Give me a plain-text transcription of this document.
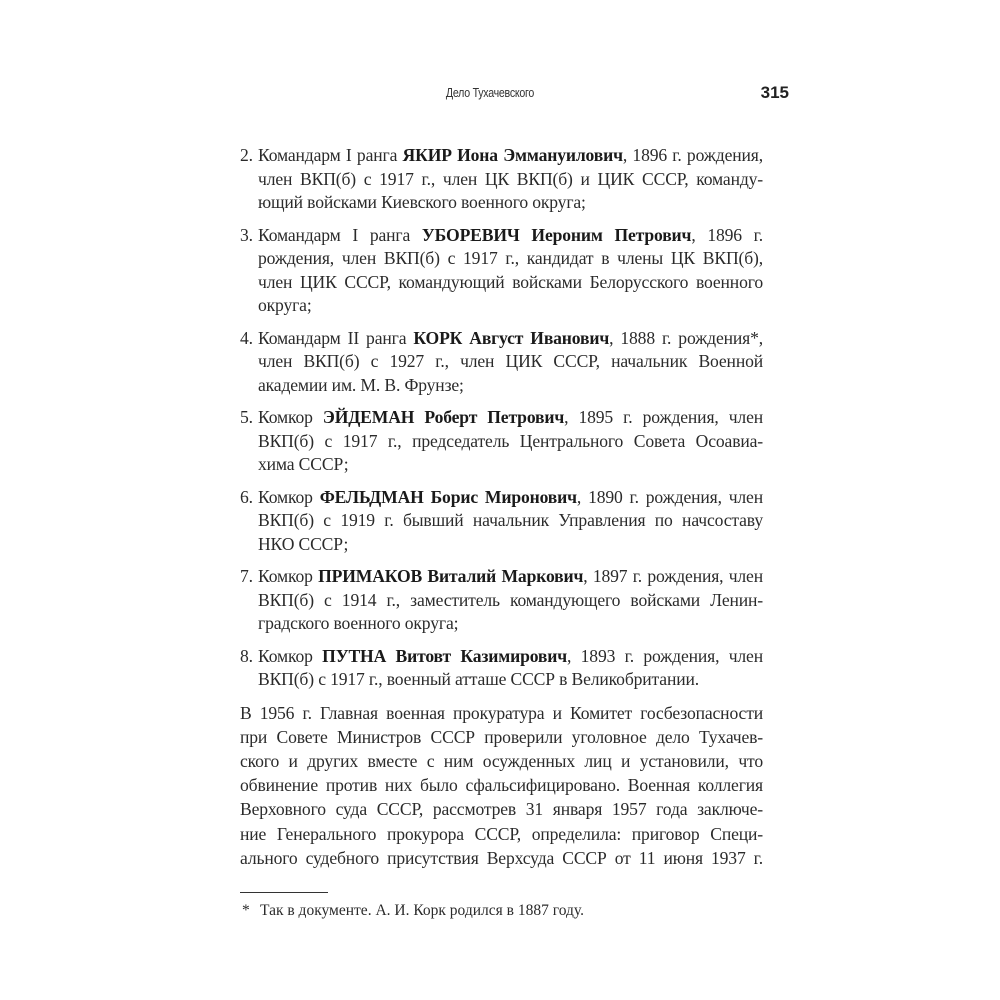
Дело Тухачевского	315
2. Командарм I ранга ЯКИР Иона Эммануилович, 1896 г. рождения,
член ВКП(б) с 1917 г., член ЦК ВКП(б) и ЦИК СССР, команду-
ющий войсками Киевского военного округа;
3. Командарм I ранга УБОРЕВИЧ Иероним Петрович, 1896 г.
рождения, член ВКП(б) с 1917 г., кандидат в члены ЦК ВКП(б),
член ЦИК СССР, командующий войсками Белорусского военного
округа;
4. Командарм II ранга КОРК Август Иванович, 1888 г. рождения*,
член ВКП(б) с 1927 г., член ЦИК СССР, начальник Военной
академии им. М. В. Фрунзе;
5. Комкор ЭЙДЕМАН Роберт Петрович, 1895 г. рождения, член
ВКП(б) с 1917 г., председатель Центрального Совета Осоавиа-
хима СССР;
6. Комкор ФЕЛЬДМАН Борис Миронович, 1890 г. рождения, член
ВКП(б) с 1919 г. бывший начальник Управления по начсоставу
НКО СССР;
7. Комкор ПРИМАКОВ Виталий Маркович, 1897 г. рождения, член
ВКП(б) с 1914 г., заместитель командующего войсками Ленин-
градского военного округа;
8. Комкор ПУТНА Витовт Казимирович, 1893 г. рождения, член
ВКП(б) с 1917 г., военный атташе СССР в Великобритании.
В 1956 г. Главная военная прокуратура и Комитет госбезопасности
при Совете Министров СССР проверили уголовное дело Тухачев-
ского и других вместе с ним осужденных лиц и установили, что
обвинение против них было сфальсифицировано. Военная коллегия
Верховного суда СССР, рассмотрев 31 января 1957 года заключе-
ние Генерального прокурора СССР, определила: приговор Специ-
ального судебного присутствия Верхсуда СССР от 11 июня 1937 г.
* Так в документе. А. И. Корк родился в 1887 году.
